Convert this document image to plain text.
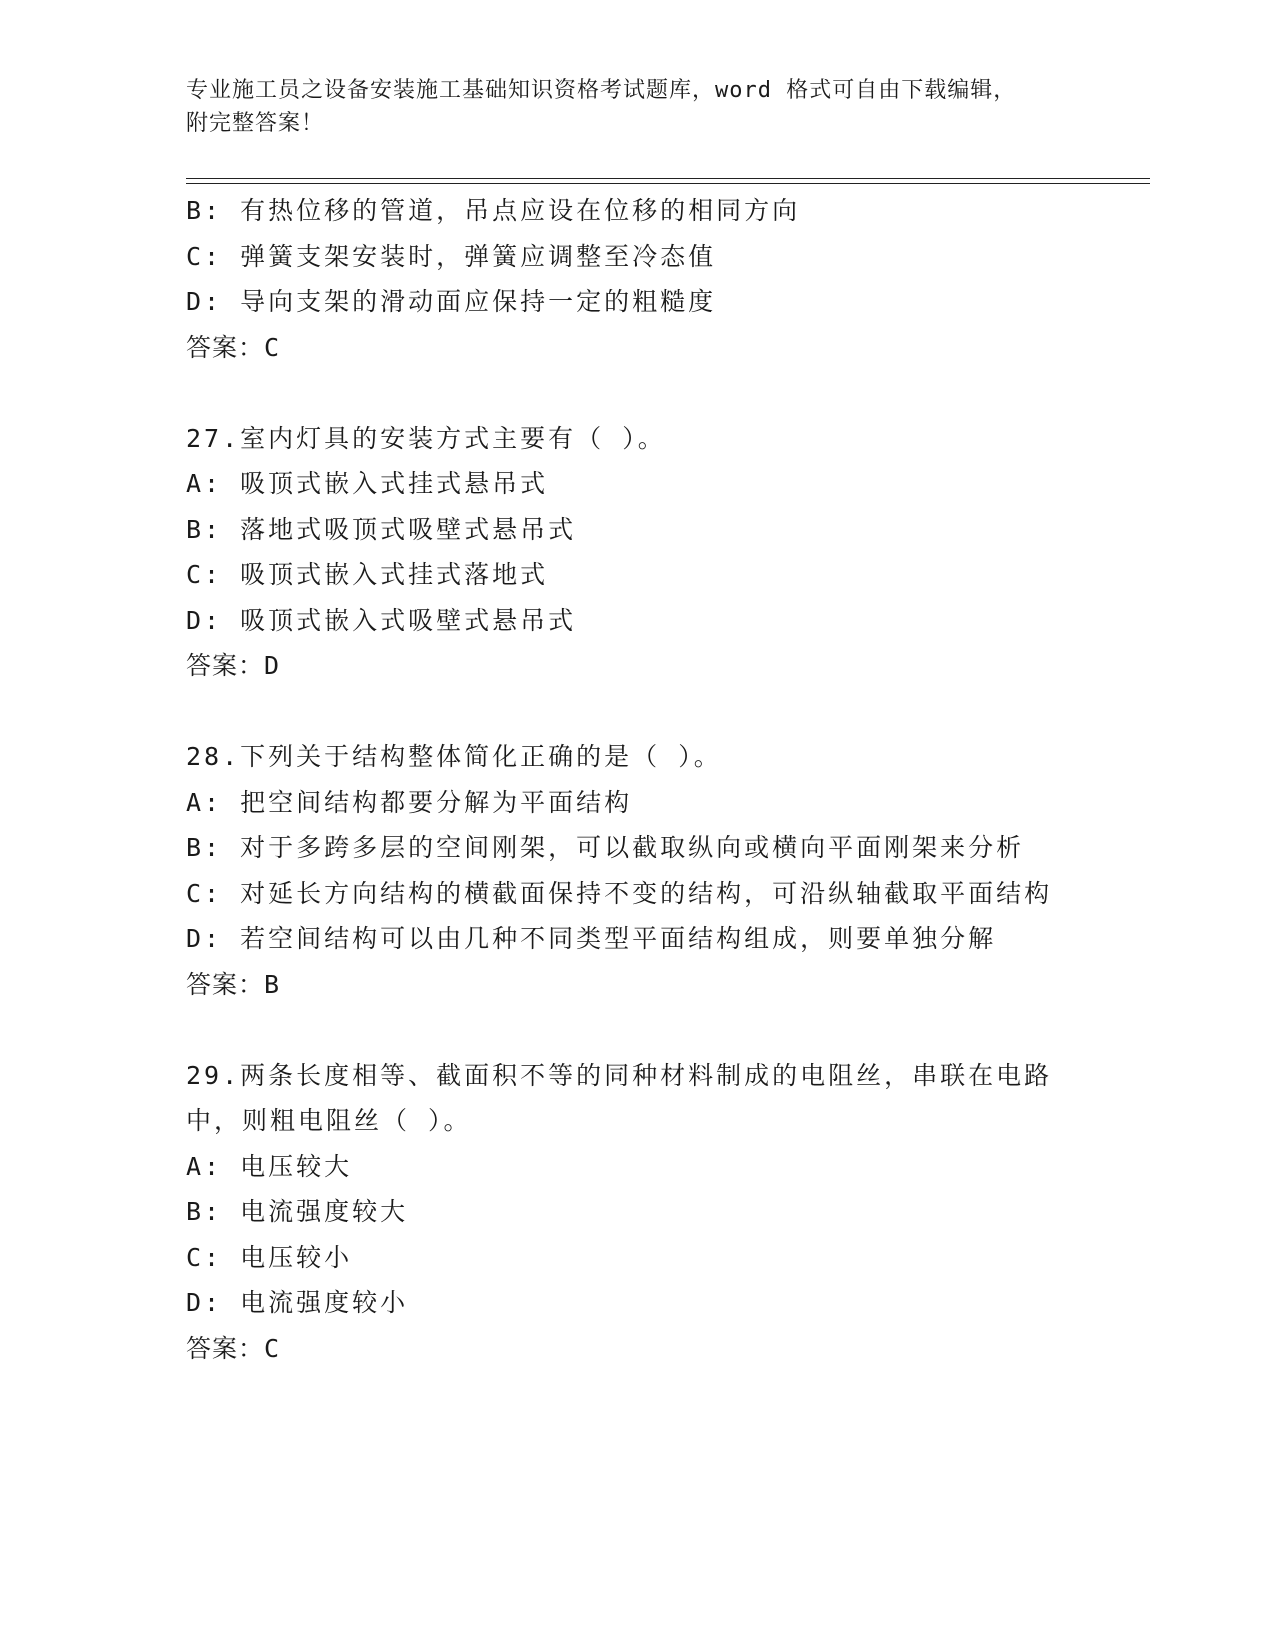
专业施工员之设备安装施工基础知识资格考试题库，word 格式可自由下载编辑，
附完整答案！
B: 有热位移的管道，吊点应设在位移的相同方向
C: 弹簧支架安装时，弹簧应调整至冷态值
D: 导向支架的滑动面应保持一定的粗糙度
答案：C
27.室内灯具的安装方式主要有（ ）。
A: 吸顶式嵌入式挂式悬吊式
B: 落地式吸顶式吸壁式悬吊式
C: 吸顶式嵌入式挂式落地式
D: 吸顶式嵌入式吸壁式悬吊式
答案：D
28.下列关于结构整体简化正确的是（ ）。
A: 把空间结构都要分解为平面结构
B: 对于多跨多层的空间刚架，可以截取纵向或横向平面刚架来分析
C: 对延长方向结构的横截面保持不变的结构，可沿纵轴截取平面结构
D: 若空间结构可以由几种不同类型平面结构组成，则要单独分解
答案：B
29.两条长度相等、截面积不等的同种材料制成的电阻丝，串联在电路
中，则粗电阻丝（ ）。
A: 电压较大
B: 电流强度较大
C: 电压较小
D: 电流强度较小
答案：C
